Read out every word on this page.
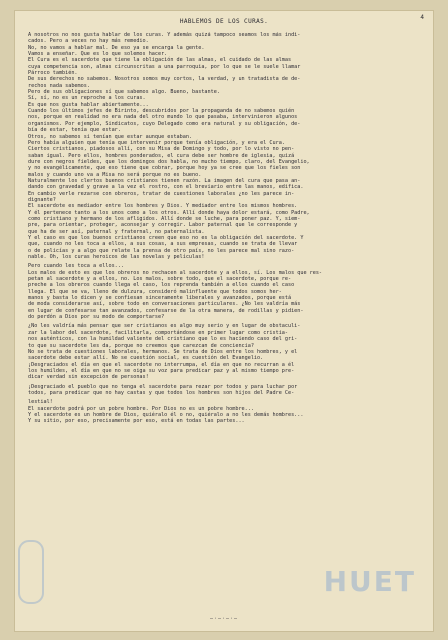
4
HABLEMOS DE LOS CURAS.
A nosotros no nos gusta hablar de los curas. Y además quizá tampoco seamos los más indi-
cados. Pero a veces no hay más remedio.
No, no vamos a hablar mal. De eso ya se encarga la gente.
Vamos a enseñar. Que es lo que solemos hacer.
El Cura es el sacerdote que tiene la obligación de las almas, el cuidado de las almas
cuya competencia son, almas circunscritas a una parroquia, por lo que se le suele llamar
Párroco también.
De sus derechos no sabemos. Nosotros somos muy cortos, la verdad, y un tratadista de de-
rechos nada sabemos.
Pero de sus obligaciones sí que sabemos algo. Bueno, bastante.
Sí, sí, no es un reproche a los curas.
Es que nos gusta hablar abiertamente...
Cuando los últimos jefes de Birinto, descubridos por la propaganda de no sabemos quién
nos, porque en realidad no era nada del otro mundo lo que pasaba, intervinieron algunos
organismos. Por ejemplo, Sindicatos, cuyo Delegado como era natural y su obligación, de-
bía de estar, tenía que estar.
Otros, no sabemos si tenían que estar aunque estaban.
Pero había alguien que tenía que intervenir porque tenía obligación, y era el Cura.
Ciertos cristianos, piadosos allí, con su Misa de Domingo y todo, por lo visto no pen-
saban igual. Pero ellos, hombres ponderados, el cura debe ser hombre de iglesia, quizá
dure con negros fieldes, que los domingos dos habla, no mucho tiempo, claro, del Evangelio,
y no evangélicamente, que eso tiene que cobrar, porque hoy ya se cree que los fieles son
malos y cuando uno va a Misa no será porque no es bueno.
Naturalmente los clertos buenos cristianos tienen razón. La imagen del cura que pasa an-
dando con gravedad y grave a la vez el rostro, con el breviario entre las manos, edifica.
En cambio verle rezarse con obreros, tratar de cuestiones laborales ¿no les parece in-
dignante?
El sacerdote es mediador entre los hombres y Dios. Y mediador entre los mismos hombres.
Y él pertenece tanto a los unos como a los otros. Allí donde haya dolor estará, como Padre,
como cristiano y hermano de los afligidos. Allí donde se luche, para poner paz. Y, siem-
pre, para orientar, proteger, aconsejar y corregir. Labor paternal que le corresponde y
que ha de ser así, paternal y fraternal, no paternalista.
Y el caso es que los buenos cristianos creen que eso no es la obligación del sacerdote. Y
que, cuando no les toca a ellos, a sus cosas, a sus empresas, cuando se trata de llevar
o de policías y a algo que relate la prensa de otro país, no les parece mal sino razo-
nable. Oh, los curas heroicos de las novelas y películas!
Pero cuando les toca a ellos...
Los malos de esto es que los obreros no rechacen al sacerdote y a ellos, sí. Los malos que res-
petan al sacerdote y a ellos, no. Los malos, sobre todo, que el sacerdote, porque re-
preche a los obreros cuando llega el caso, los reprenda también a ellos cuando el caso
llega. El que se va, lleno de dulzura, consideró malinfluente que todos somos her-
manos y basta lo dicen y se confiesan sinceramente liberales y avanzados, porque está
de moda considerarse así, sobre todo en conversaciones particulares. ¿No les valdría más
en lugar de confesarse tan avanzados, confesarse de la otra manera, de rodillas y pidien-
do perdón a Dios por su modo de comportarse?
¿No les valdría más pensar que ser cristianos es algo muy serio y en lugar de obstaculi-
zar la labor del sacerdote, facilitarla, comportándose en primer lugar como cristia-
nos auténticos, con la humildad valiente del cristiano que lo es haciendo caso del gri-
to que su sacerdote les da, porque no creemos que carezcan de conciencia?
No se trata de cuestiones laborales, hermanos. Se trata de Dios entre los hombres, y el
sacerdote debe estar allí. No se cuestión social, es cuestión del Evangelio.
¡Desgraciados el día en que el sacerdote no interrumpa, el día en que no recurran a él
los humildes, el día en que no se oiga su voz para predicar paz y al mismo tiempo pre-
dicar verdad sin excepción de personas!
¡Desgraciado el pueblo que no tenga el sacerdote para rezar por todos y para luchar por
todos, para predicar que no hay castas y que todos los hombres son hijos del Padre Ce-
lestial!
El sacerdote podrá por un pobre hombre. Por Dios no es un pobre hombre...
Y el sacerdote es un hombre de Dios, quiéralo él o no, quiéralo a no les demás hombres...
Y su sitio, por eso, precisamente por eso, está en todas las partes...
—·—·—·—
HUET
